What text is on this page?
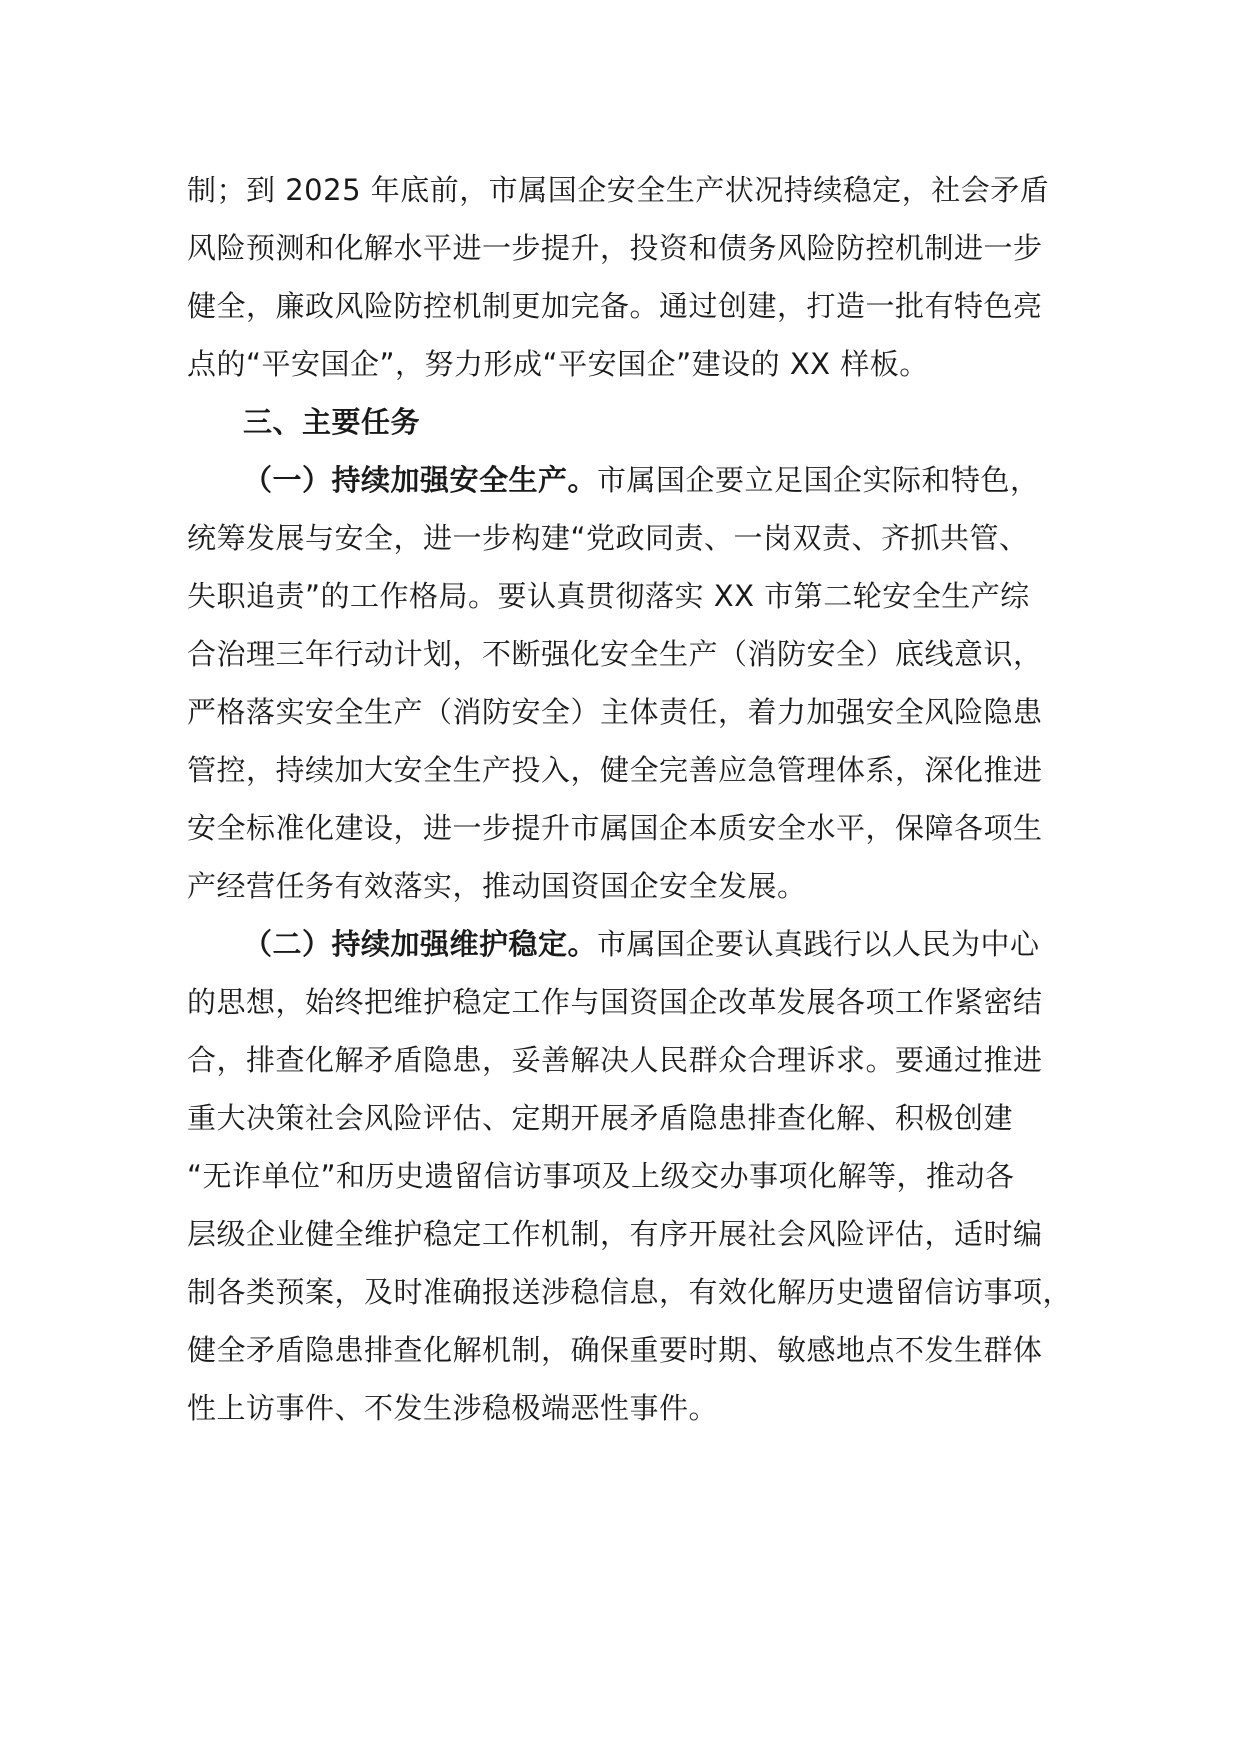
制；到 2025 年底前，市属国企安全生产状况持续稳定，社会矛盾
风险预测和化解水平进一步提升，投资和债务风险防控机制进一步
健全，廉政风险防控机制更加完备。通过创建，打造一批有特色亮
点的“平安国企”，努力形成“平安国企”建设的 XX 样板。
三、主要任务
（一）持续加强安全生产。市属国企要立足国企实际和特色，
统筹发展与安全，进一步构建“党政同责、一岗双责、齐抓共管、
失职追责”的工作格局。要认真贯彻落实 XX 市第二轮安全生产综
合治理三年行动计划，不断强化安全生产（消防安全）底线意识，
严格落实安全生产（消防安全）主体责任，着力加强安全风险隐患
管控，持续加大安全生产投入，健全完善应急管理体系，深化推进
安全标准化建设，进一步提升市属国企本质安全水平，保障各项生
产经营任务有效落实，推动国资国企安全发展。
（二）持续加强维护稳定。市属国企要认真践行以人民为中心
的思想，始终把维护稳定工作与国资国企改革发展各项工作紧密结
合，排查化解矛盾隐患，妥善解决人民群众合理诉求。要通过推进
重大决策社会风险评估、定期开展矛盾隐患排查化解、积极创建
“无诈单位”和历史遗留信访事项及上级交办事项化解等，推动各
层级企业健全维护稳定工作机制，有序开展社会风险评估，适时编
制各类预案，及时准确报送涉稳信息，有效化解历史遗留信访事项，
健全矛盾隐患排查化解机制，确保重要时期、敏感地点不发生群体
性上访事件、不发生涉稳极端恶性事件。
